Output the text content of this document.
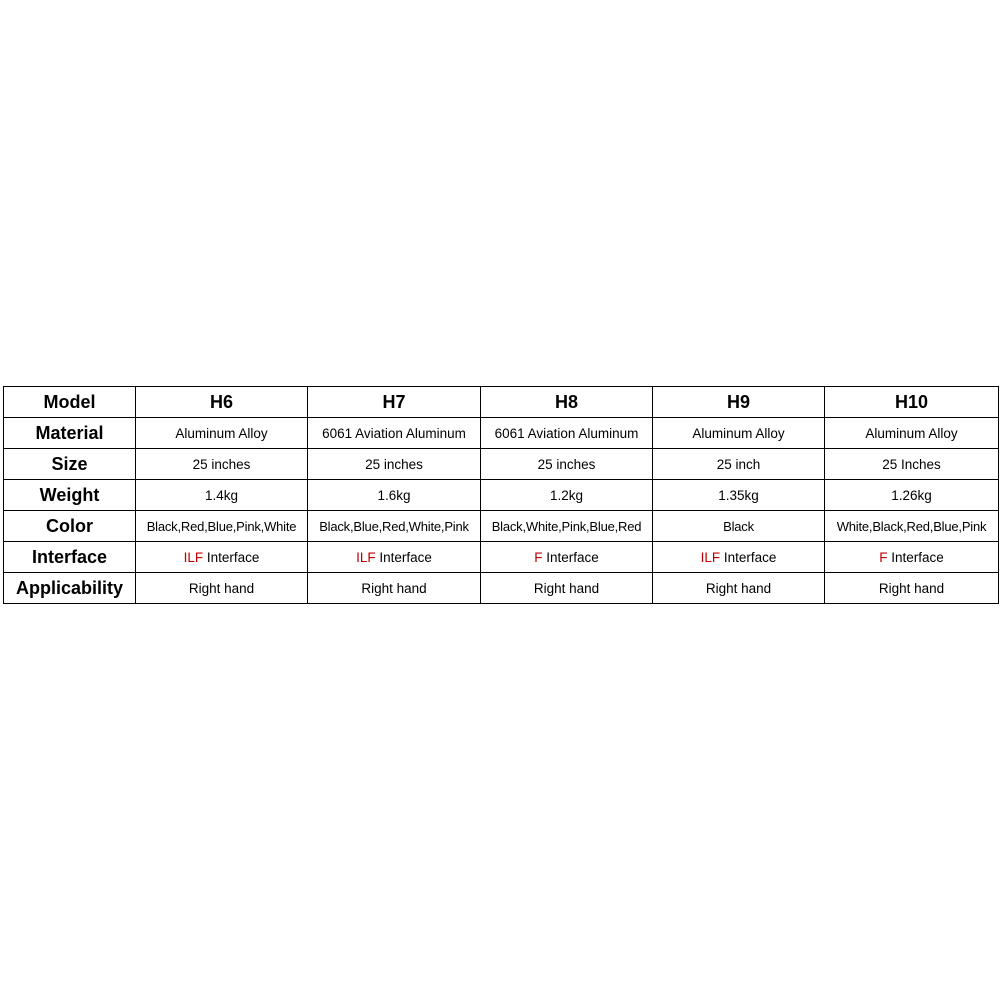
Model	H6	H7	H8	H9	H10
Material	Aluminum Alloy	6061 Aviation Aluminum	6061 Aviation Aluminum	Aluminum Alloy	Aluminum Alloy
Size	25 inches	25 inches	25 inches	25 inch	25 Inches
Weight	1.4kg	1.6kg	1.2kg	1.35kg	1.26kg
Color	Black,Red,Blue,Pink,White	Black,Blue,Red,White,Pink	Black,White,Pink,Blue,Red	Black	White,Black,Red,Blue,Pink
Interface	ILF Interface	ILF Interface	F Interface	ILF Interface	F Interface
Applicability	Right hand	Right hand	Right hand	Right hand	Right hand
